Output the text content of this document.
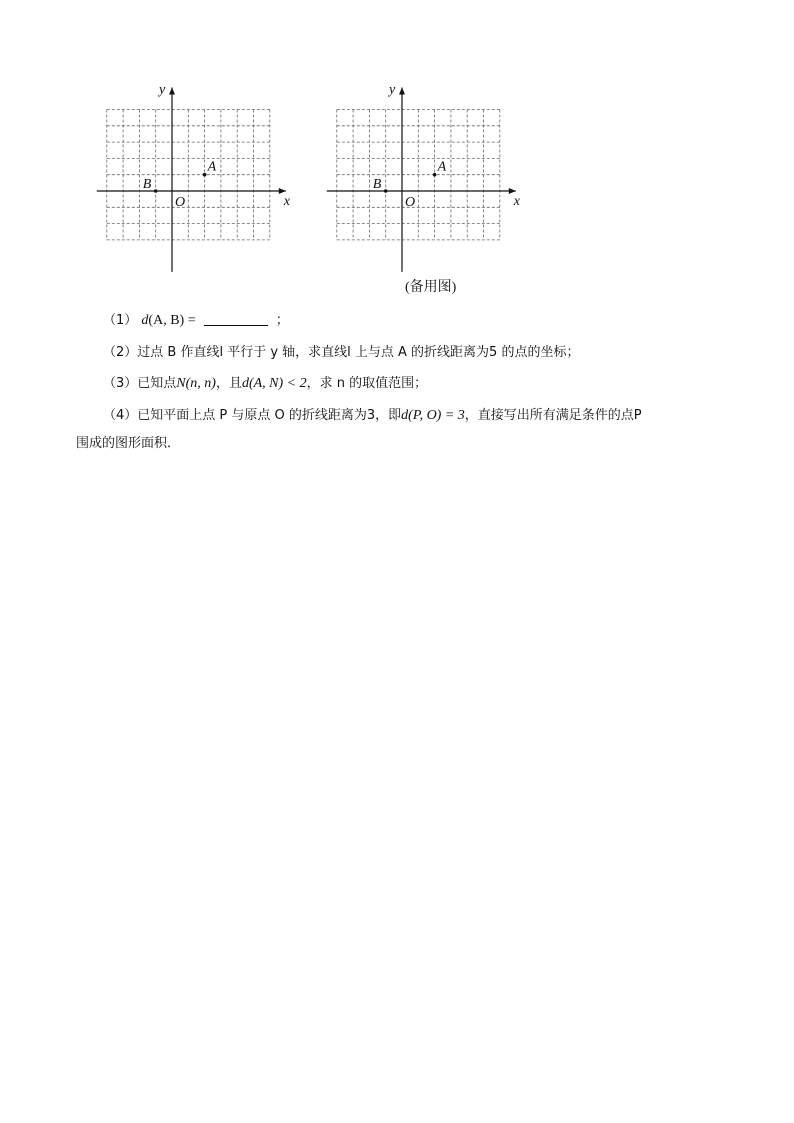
x
y
O
A
B
x
y
O
A
B
(备用图)
（1） d(A, B) =	；
（2）过点 B 作直线l 平行于 y 轴，求直线l 上与点 A 的折线距离为5 的点的坐标；
（3）已知点N(n, n)，且d(A, N) < 2，求 n 的取值范围；
（4）已知平面上点 P 与原点 O 的折线距离为3，即d(P, O) = 3，直接写出所有满足条件的点P
围成的图形面积．
